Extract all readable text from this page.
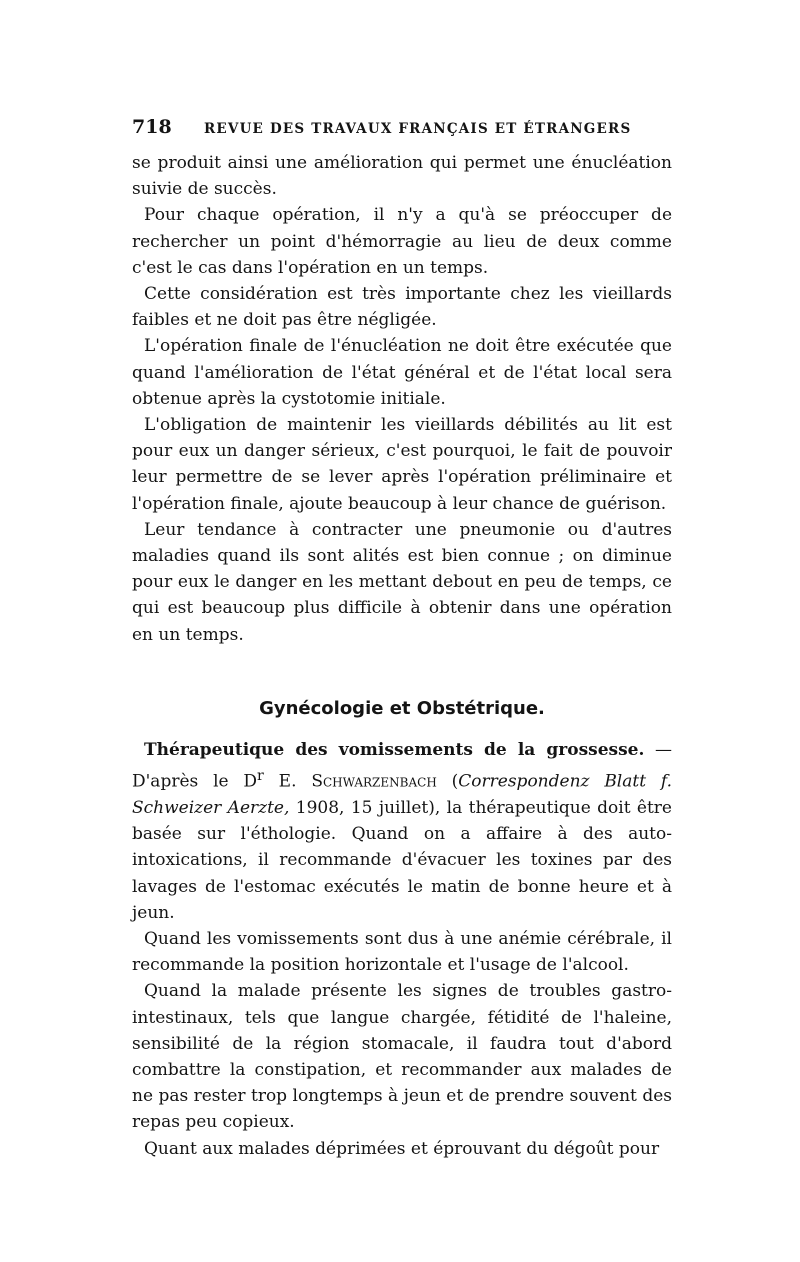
718	REVUE DES TRAVAUX FRANÇAIS ET ÉTRANGERS

se produit ainsi une amélioration qui permet une énucléation suivie de succès.

Pour chaque opération, il n'y a qu'à se préoccuper de rechercher un point d'hémorragie au lieu de deux comme c'est le cas dans l'opération en un temps.

Cette considération est très importante chez les vieillards faibles et ne doit pas être négligée.

L'opération finale de l'énucléation ne doit être exécutée que quand l'amélioration de l'état général et de l'état local sera obtenue après la cystotomie initiale.

L'obligation de maintenir les vieillards débilités au lit est pour eux un danger sérieux, c'est pourquoi, le fait de pouvoir leur permettre de se lever après l'opération préliminaire et l'opération finale, ajoute beaucoup à leur chance de guérison.

Leur tendance à contracter une pneumonie ou d'autres maladies quand ils sont alités est bien connue ; on diminue pour eux le danger en les mettant debout en peu de temps, ce qui est beaucoup plus difficile à obtenir dans une opération en un temps.

Gynécologie et Obstétrique.

Thérapeutique des vomissements de la grossesse. — D'après le $D^r$ E. Schwarzenbach (Correspondenz Blatt f. Schweizer Aerzte, 1908, 15 juillet), la thérapeutique doit être basée sur l'éthologie. Quand on a affaire à des auto-intoxications, il recommande d'évacuer les toxines par des lavages de l'estomac exécutés le matin de bonne heure et à jeun.

Quand les vomissements sont dus à une anémie cérébrale, il recommande la position horizontale et l'usage de l'alcool.

Quand la malade présente les signes de troubles gastro-intestinaux, tels que langue chargée, fétidité de l'haleine, sensibilité de la région stomacale, il faudra tout d'abord combattre la constipation, et recommander aux malades de ne pas rester trop longtemps à jeun et de prendre souvent des repas peu copieux.

Quant aux malades déprimées et éprouvant du dégoût pour
